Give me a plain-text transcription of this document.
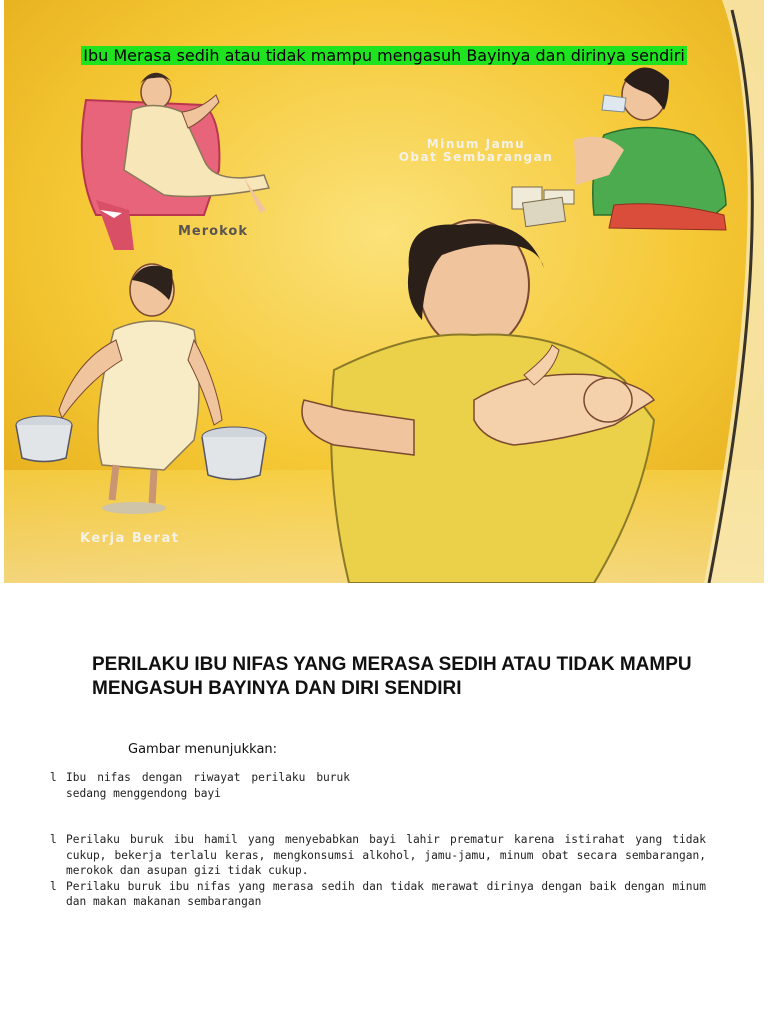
Merokok
Minum Jamu
Obat Sembarangan
Kerja Berat
Ibu Merasa sedih atau tidak mampu mengasuh Bayinya dan dirinya sendiri
PERILAKU IBU NIFAS YANG MERASA SEDIH ATAU TIDAK MAMPU MENGASUH BAYINYA DAN DIRI SENDIRI
Gambar menunjukkan:
l Ibu nifas dengan riwayat perilaku buruk sedang menggendong bayi
l Perilaku buruk ibu hamil yang menyebabkan bayi lahir prematur karena istirahat yang tidak cukup, bekerja terlalu keras, mengkonsumsi alkohol, jamu-jamu, minum obat secara sembarangan, merokok dan asupan gizi tidak cukup.
l Perilaku buruk ibu nifas yang merasa sedih dan tidak merawat dirinya dengan baik dengan minum dan makan makanan sembarangan
